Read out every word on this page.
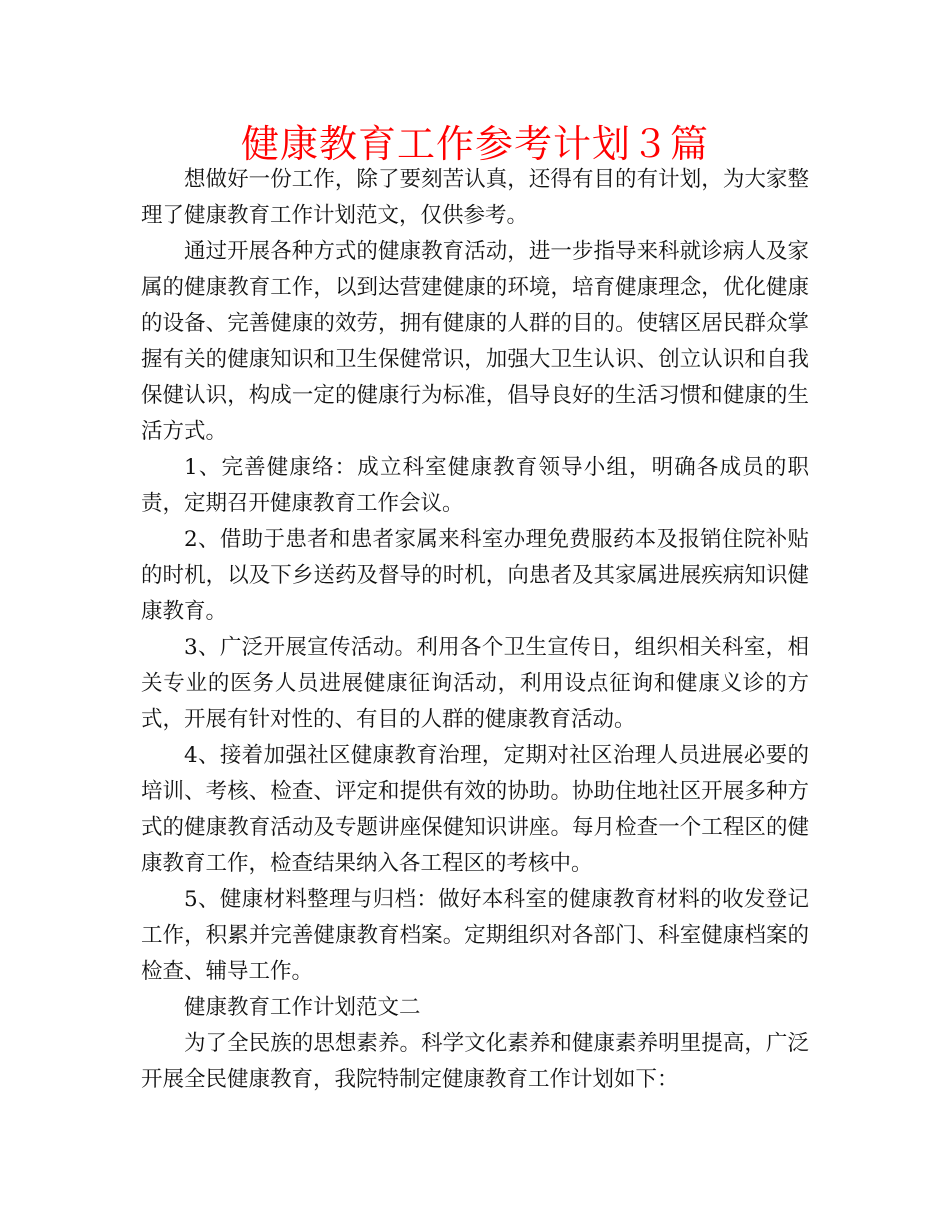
健康教育工作参考计划３篇

想做好一份工作，除了要刻苦认真，还得有目的有计划，为大家整理了健康教育工作计划范文，仅供参考。

通过开展各种方式的健康教育活动，进一步指导来科就诊病人及家属的健康教育工作，以到达营建健康的环境，培育健康理念，优化健康的设备、完善健康的效劳，拥有健康的人群的目的。使辖区居民群众掌握有关的健康知识和卫生保健常识，加强大卫生认识、创立认识和自我保健认识，构成一定的健康行为标准，倡导良好的生活习惯和健康的生活方式。

1、完善健康络：成立科室健康教育领导小组，明确各成员的职责，定期召开健康教育工作会议。

2、借助于患者和患者家属来科室办理免费服药本及报销住院补贴的时机，以及下乡送药及督导的时机，向患者及其家属进展疾病知识健康教育。

3、广泛开展宣传活动。利用各个卫生宣传日，组织相关科室，相关专业的医务人员进展健康征询活动，利用设点征询和健康义诊的方式，开展有针对性的、有目的人群的健康教育活动。

4、接着加强社区健康教育治理，定期对社区治理人员进展必要的培训、考核、检查、评定和提供有效的协助。协助住地社区开展多种方式的健康教育活动及专题讲座保健知识讲座。每月检查一个工程区的健康教育工作，检查结果纳入各工程区的考核中。

5、健康材料整理与归档：做好本科室的健康教育材料的收发登记工作，积累并完善健康教育档案。定期组织对各部门、科室健康档案的检查、辅导工作。

健康教育工作计划范文二

为了全民族的思想素养。科学文化素养和健康素养明里提高，广泛开展全民健康教育，我院特制定健康教育工作计划如下：
